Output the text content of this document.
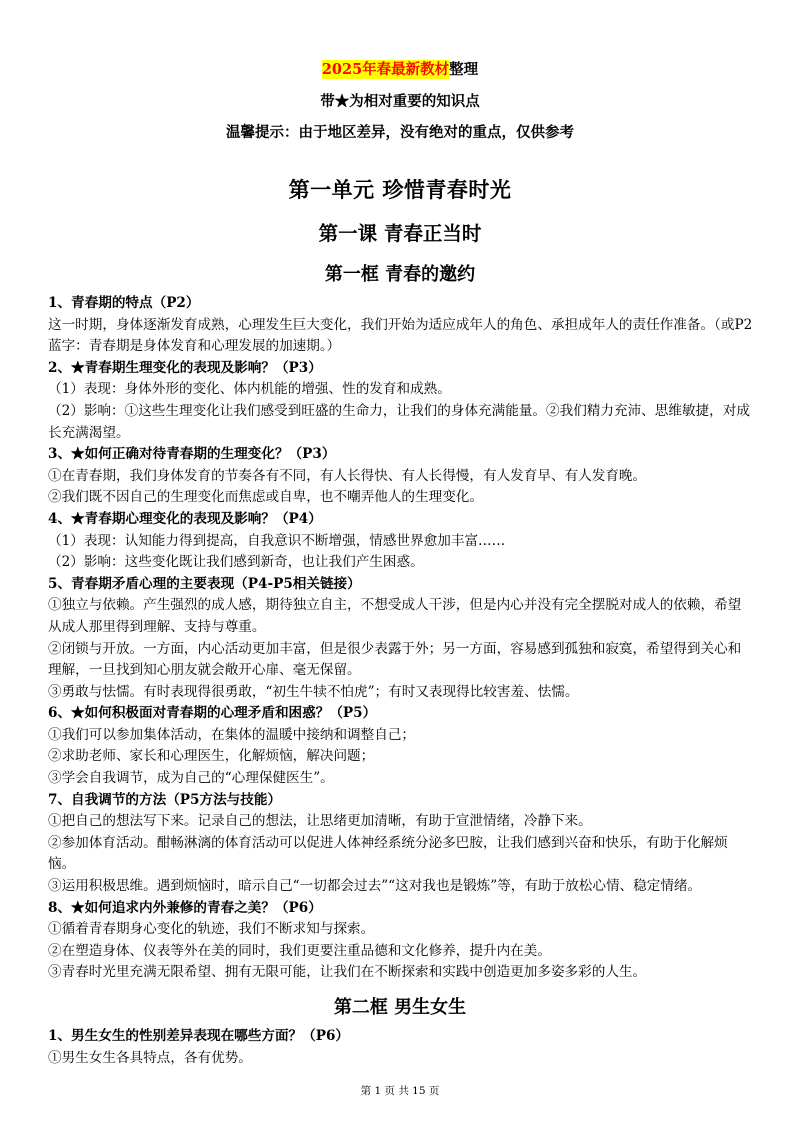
2025年春最新教材整理
带★为相对重要的知识点
温馨提示：由于地区差异，没有绝对的重点，仅供参考
第一单元 珍惜青春时光
第一课 青春正当时
第一框 青春的邀约

1、青春期的特点（P2）

这一时期，身体逐渐发育成熟，心理发生巨大变化，我们开始为适应成年人的角色、承担成年人的责任作准备。（或P2蓝字：青春期是身体发育和心理发展的加速期。）

2、★青春期生理变化的表现及影响？（P3）

（1）表现：身体外形的变化、体内机能的增强、性的发育和成熟。

（2）影响：①这些生理变化让我们感受到旺盛的生命力，让我们的身体充满能量。②我们精力充沛、思维敏捷，对成长充满渴望。

3、★如何正确对待青春期的生理变化？（P3）

①在青春期，我们身体发育的节奏各有不同，有人长得快、有人长得慢，有人发育早、有人发育晚。

②我们既不因自己的生理变化而焦虑或自卑，也不嘲弄他人的生理变化。

4、★青春期心理变化的表现及影响？（P4）

（1）表现：认知能力得到提高，自我意识不断增强，情感世界愈加丰富……

（2）影响：这些变化既让我们感到新奇，也让我们产生困惑。

5、青春期矛盾心理的主要表现（P4-P5相关链接）

①独立与依赖。产生强烈的成人感，期待独立自主，不想受成人干涉，但是内心并没有完全摆脱对成人的依赖，希望从成人那里得到理解、支持与尊重。

②闭锁与开放。一方面，内心活动更加丰富，但是很少表露于外；另一方面，容易感到孤独和寂寞，希望得到关心和理解，一旦找到知心朋友就会敞开心扉、毫无保留。

③勇敢与怯懦。有时表现得很勇敢，“初生牛犊不怕虎”；有时又表现得比较害羞、怯懦。

6、★如何积极面对青春期的心理矛盾和困惑？（P5）

①我们可以参加集体活动，在集体的温暖中接纳和调整自己；

②求助老师、家长和心理医生，化解烦恼，解决问题；

③学会自我调节，成为自己的“心理保健医生”。

7、自我调节的方法（P5方法与技能）

①把自己的想法写下来。记录自己的想法，让思绪更加清晰，有助于宣泄情绪，冷静下来。

②参加体育活动。酣畅淋漓的体育活动可以促进人体神经系统分泌多巴胺，让我们感到兴奋和快乐，有助于化解烦恼。

③运用积极思维。遇到烦恼时，暗示自己“一切都会过去”“这对我也是锻炼”等，有助于放松心情、稳定情绪。

8、★如何追求内外兼修的青春之美？（P6）

①循着青春期身心变化的轨迹，我们不断求知与探索。

②在塑造身体、仪表等外在美的同时，我们更要注重品德和文化修养，提升内在美。

③青春时光里充满无限希望、拥有无限可能，让我们在不断探索和实践中创造更加多姿多彩的人生。

第二框 男生女生

1、男生女生的性别差异表现在哪些方面？（P6）

①男生女生各具特点，各有优势。

第 1 页 共 15 页
